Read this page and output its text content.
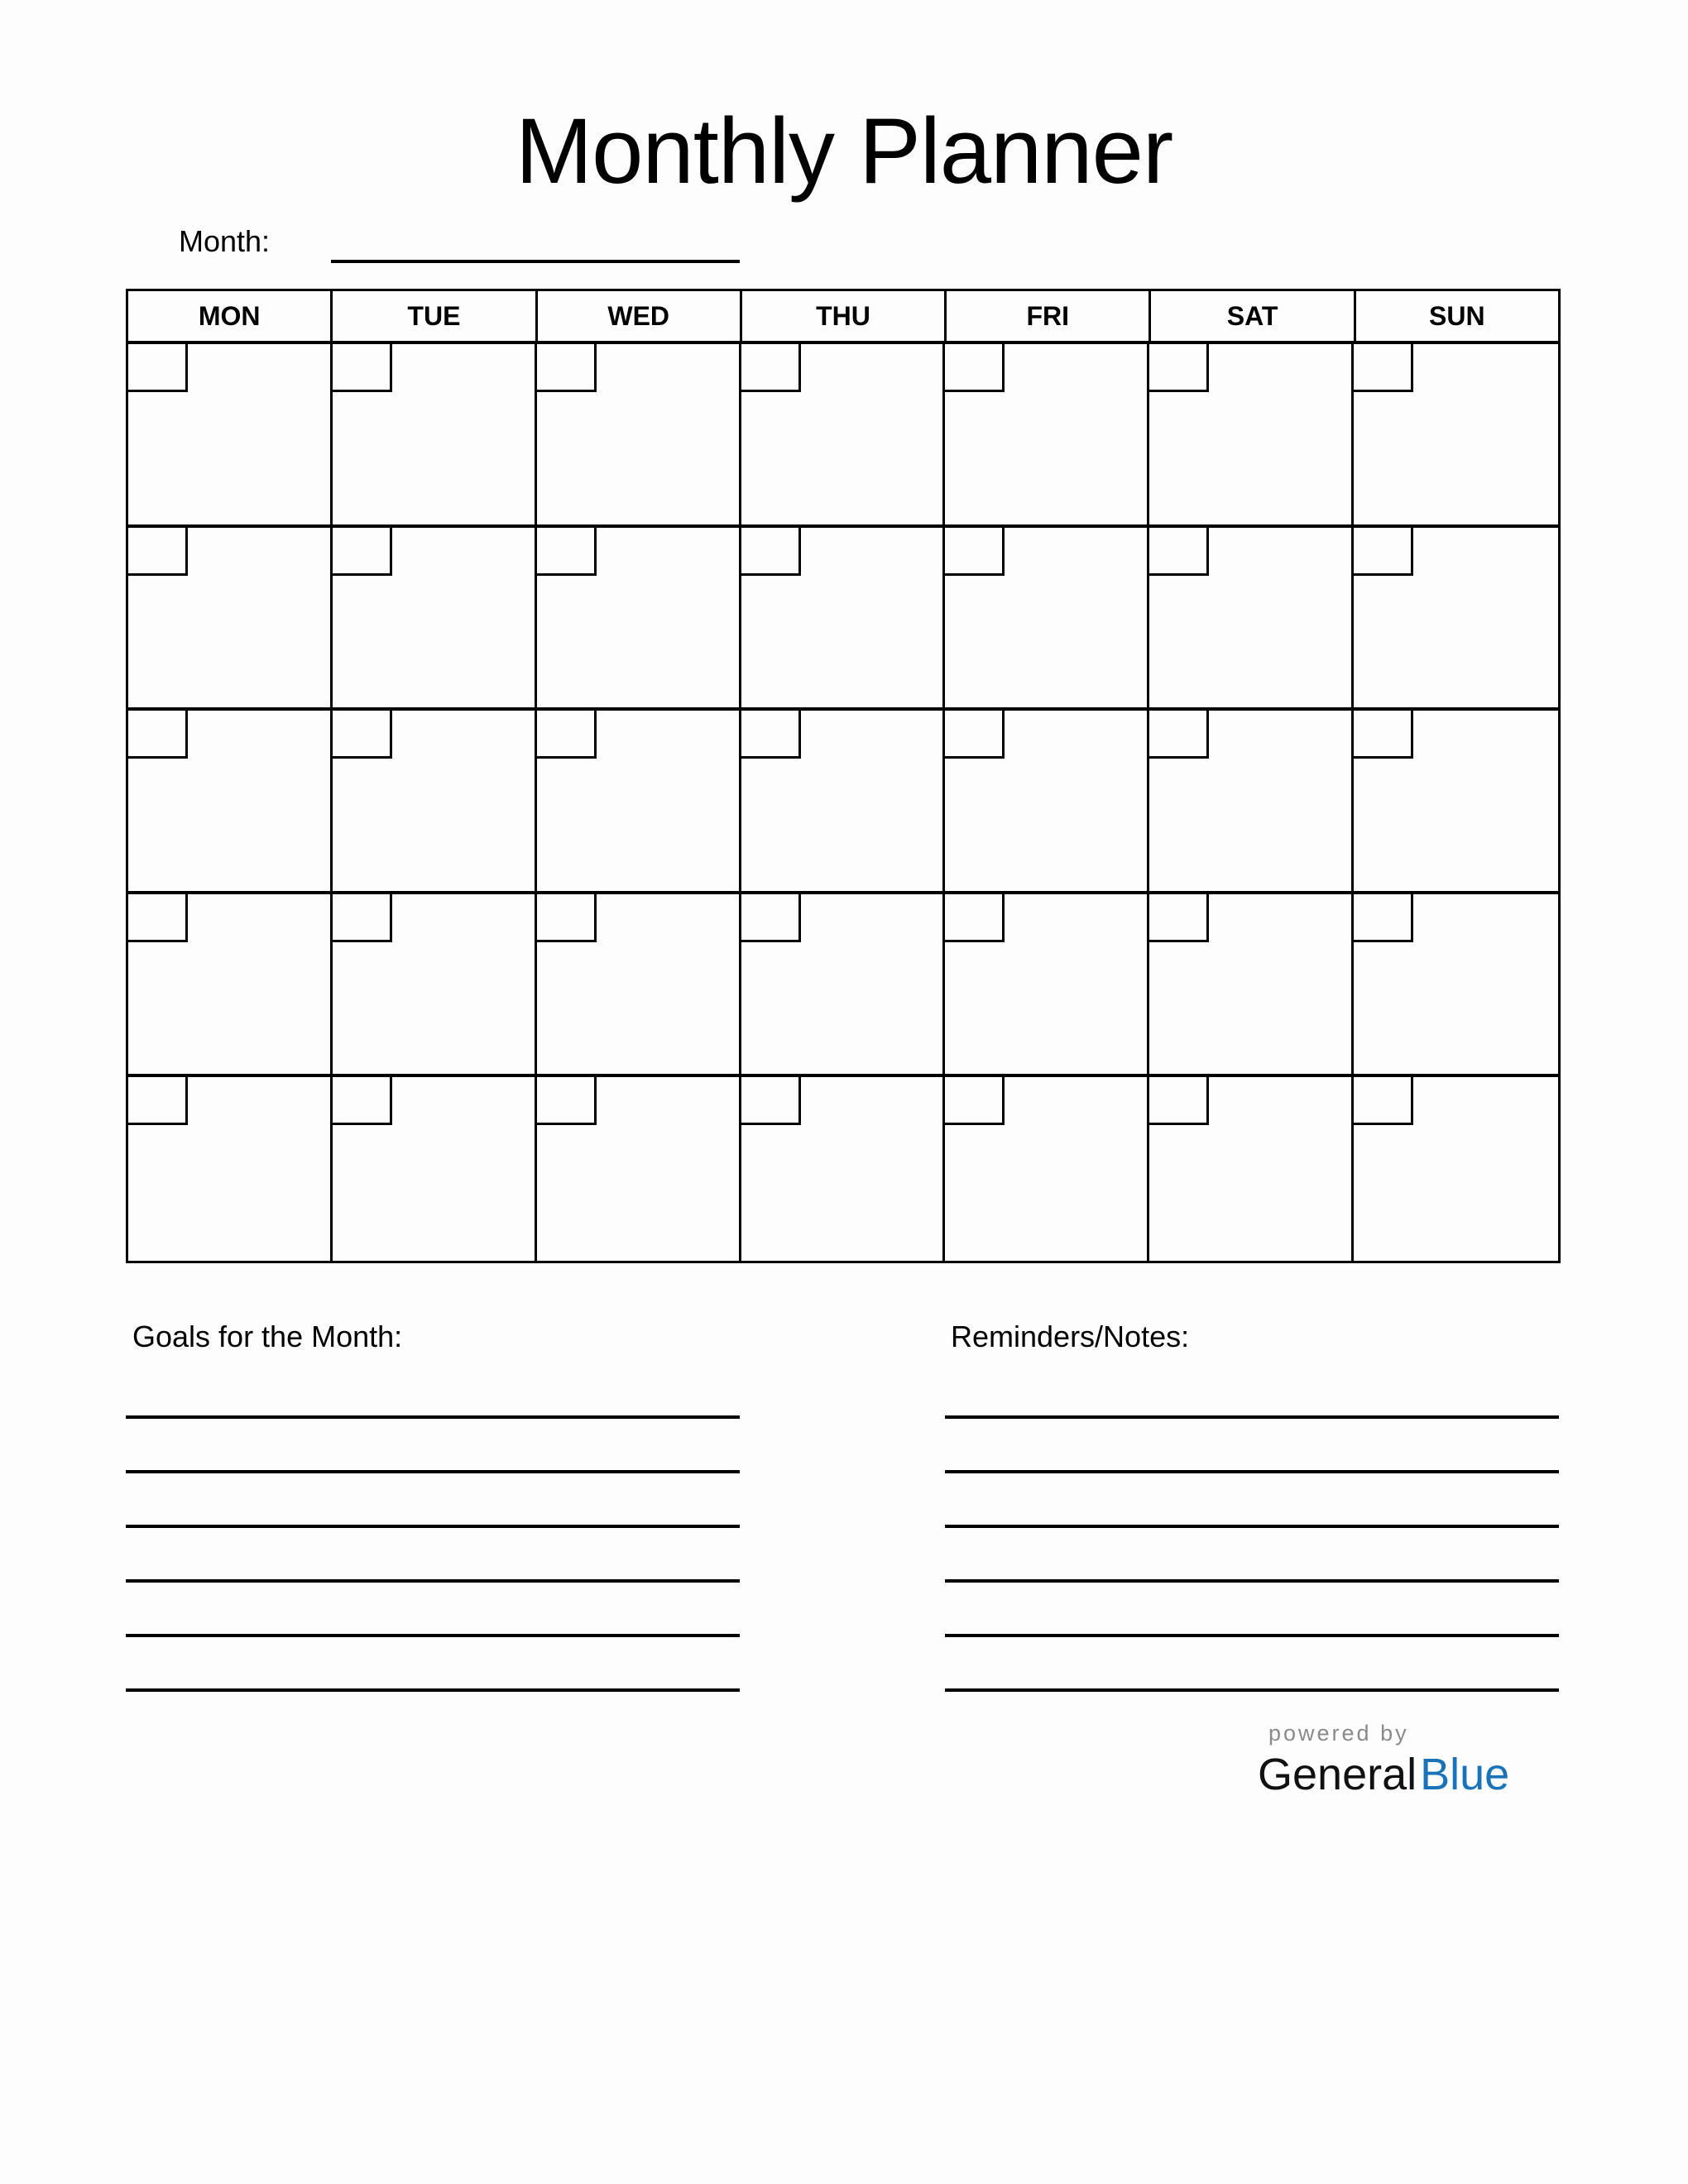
Monthly Planner
Month:
MON	TUE	WED	THU	FRI	SAT	SUN
Goals for the Month:	Reminders/Notes:
powered by
GeneralBlue
